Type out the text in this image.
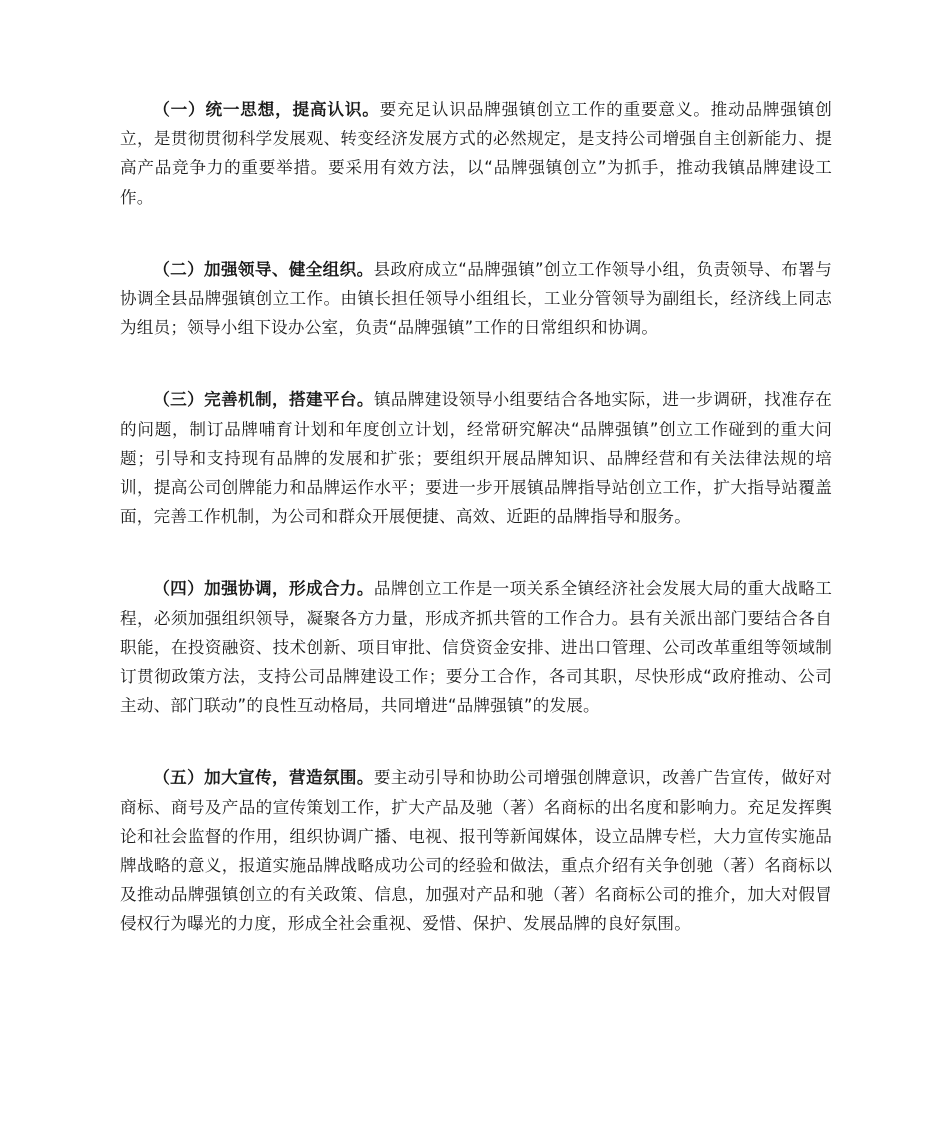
（一）统一思想，提高认识。要充足认识品牌强镇创立工作的重要意义。推动品牌强镇创立，是贯彻贯彻科学发展观、转变经济发展方式的必然规定，是支持公司增强自主创新能力、提高产品竞争力的重要举措。要采用有效方法，以“品牌强镇创立”为抓手，推动我镇品牌建设工作。

（二）加强领导、健全组织。县政府成立“品牌强镇”创立工作领导小组，负责领导、布署与协调全县品牌强镇创立工作。由镇长担任领导小组组长，工业分管领导为副组长，经济线上同志为组员；领导小组下设办公室，负责“品牌强镇”工作的日常组织和协调。

（三）完善机制，搭建平台。镇品牌建设领导小组要结合各地实际，进一步调研，找准存在的问题，制订品牌哺育计划和年度创立计划，经常研究解决“品牌强镇”创立工作碰到的重大问题；引导和支持现有品牌的发展和扩张；要组织开展品牌知识、品牌经营和有关法律法规的培训，提高公司创牌能力和品牌运作水平；要进一步开展镇品牌指导站创立工作，扩大指导站覆盖面，完善工作机制，为公司和群众开展便捷、高效、近距的品牌指导和服务。

（四）加强协调，形成合力。品牌创立工作是一项关系全镇经济社会发展大局的重大战略工程，必须加强组织领导，凝聚各方力量，形成齐抓共管的工作合力。县有关派出部门要结合各自职能，在投资融资、技术创新、项目审批、信贷资金安排、进出口管理、公司改革重组等领域制订贯彻政策方法，支持公司品牌建设工作；要分工合作，各司其职，尽快形成“政府推动、公司主动、部门联动”的良性互动格局，共同增进“品牌强镇”的发展。

（五）加大宣传，营造氛围。要主动引导和协助公司增强创牌意识，改善广告宣传，做好对商标、商号及产品的宣传策划工作，扩大产品及驰（著）名商标的出名度和影响力。充足发挥舆论和社会监督的作用，组织协调广播、电视、报刊等新闻媒体，设立品牌专栏，大力宣传实施品牌战略的意义，报道实施品牌战略成功公司的经验和做法，重点介绍有关争创驰（著）名商标以及推动品牌强镇创立的有关政策、信息，加强对产品和驰（著）名商标公司的推介，加大对假冒侵权行为曝光的力度，形成全社会重视、爱惜、保护、发展品牌的良好氛围。
